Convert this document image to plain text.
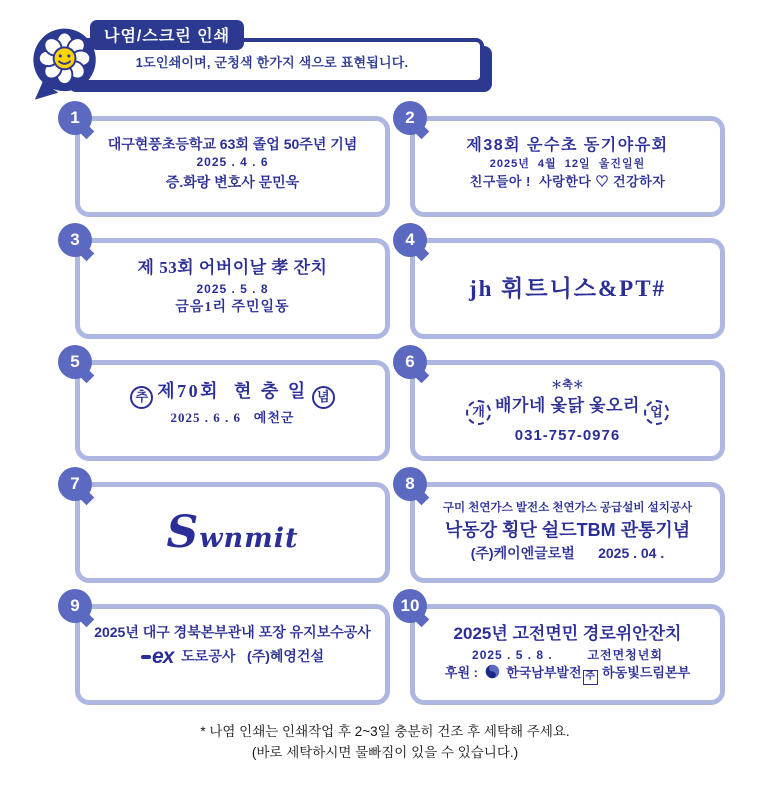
1도인쇄이며, 군청색 한가지 색으로 표현됩니다.
나염/스크린 인쇄
대구현풍초등학교 63회 졸업 50주년 기념
2025 . 4 . 6
증.화랑 변호사 문민욱
1
제38회 운수초 동기야유회
2025년  4월  12일  울진일원
친구들아 !  사랑한다 ♡ 건강하자
2
제 53회 어버이날 孝 잔치
2025 . 5 . 8
금음1리 주민일동
3
jh 휘트니스&PT#
4
추 제70회  현 충 일 념
2025 . 6 . 6   예천군
5
＊축＊
개 배가네 옻닭 옻오리 업
031-757-0976
6
Swnmit
7
구미 천연가스 발전소 천연가스 공급설비 설치공사
낙동강 횡단 쉴드TBM 관통기념
(주)케이엔글로벌      2025 . 04 .
8
2025년 대구 경북본부관내 포장 유지보수공사
ex 도로공사   (주)혜영건설
9
2025년 고전면민 경로위안잔치
2025 . 5 . 8 .        고전면청년회
후원 :  한국남부발전 주 하동빛드림본부
10
* 나염 인쇄는 인쇄작업 후 2~3일 충분히 건조 후 세탁해 주세요.
(바로 세탁하시면 물빠짐이 있을 수 있습니다.)
